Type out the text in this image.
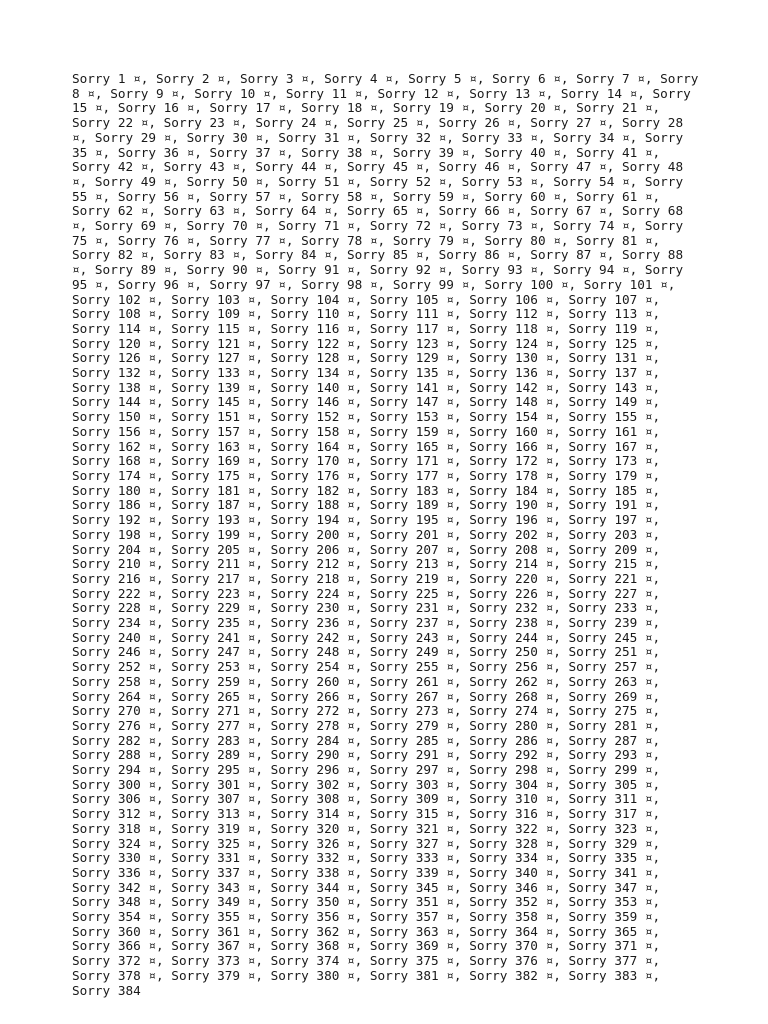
Sorry 1 ¤, Sorry 2 ¤, Sorry 3 ¤, Sorry 4 ¤, Sorry 5 ¤, Sorry 6 ¤, Sorry 7 ¤, Sorry 8 ¤, Sorry 9 ¤, Sorry 10 ¤, Sorry 11 ¤, Sorry 12 ¤, Sorry 13 ¤, Sorry 14 ¤, Sorry 15 ¤, Sorry 16 ¤, Sorry 17 ¤, Sorry 18 ¤, Sorry 19 ¤, Sorry 20 ¤, Sorry 21 ¤, Sorry 22 ¤, Sorry 23 ¤, Sorry 24 ¤, Sorry 25 ¤, Sorry 26 ¤, Sorry 27 ¤, Sorry 28 ¤, Sorry 29 ¤, Sorry 30 ¤, Sorry 31 ¤, Sorry 32 ¤, Sorry 33 ¤, Sorry 34 ¤, Sorry 35 ¤, Sorry 36 ¤, Sorry 37 ¤, Sorry 38 ¤, Sorry 39 ¤, Sorry 40 ¤, Sorry 41 ¤, Sorry 42 ¤, Sorry 43 ¤, Sorry 44 ¤, Sorry 45 ¤, Sorry 46 ¤, Sorry 47 ¤, Sorry 48 ¤, Sorry 49 ¤, Sorry 50 ¤, Sorry 51 ¤, Sorry 52 ¤, Sorry 53 ¤, Sorry 54 ¤, Sorry 55 ¤, Sorry 56 ¤, Sorry 57 ¤, Sorry 58 ¤, Sorry 59 ¤, Sorry 60 ¤, Sorry 61 ¤, Sorry 62 ¤, Sorry 63 ¤, Sorry 64 ¤, Sorry 65 ¤, Sorry 66 ¤, Sorry 67 ¤, Sorry 68 ¤, Sorry 69 ¤, Sorry 70 ¤, Sorry 71 ¤, Sorry 72 ¤, Sorry 73 ¤, Sorry 74 ¤, Sorry 75 ¤, Sorry 76 ¤, Sorry 77 ¤, Sorry 78 ¤, Sorry 79 ¤, Sorry 80 ¤, Sorry 81 ¤, Sorry 82 ¤, Sorry 83 ¤, Sorry 84 ¤, Sorry 85 ¤, Sorry 86 ¤, Sorry 87 ¤, Sorry 88 ¤, Sorry 89 ¤, Sorry 90 ¤, Sorry 91 ¤, Sorry 92 ¤, Sorry 93 ¤, Sorry 94 ¤, Sorry 95 ¤, Sorry 96 ¤, Sorry 97 ¤, Sorry 98 ¤, Sorry 99 ¤, Sorry 100 ¤, Sorry 101 ¤, Sorry 102 ¤, Sorry 103 ¤, Sorry 104 ¤, Sorry 105 ¤, Sorry 106 ¤, Sorry 107 ¤, Sorry 108 ¤, Sorry 109 ¤, Sorry 110 ¤, Sorry 111 ¤, Sorry 112 ¤, Sorry 113 ¤, Sorry 114 ¤, Sorry 115 ¤, Sorry 116 ¤, Sorry 117 ¤, Sorry 118 ¤, Sorry 119 ¤, Sorry 120 ¤, Sorry 121 ¤, Sorry 122 ¤, Sorry 123 ¤, Sorry 124 ¤, Sorry 125 ¤, Sorry 126 ¤, Sorry 127 ¤, Sorry 128 ¤, Sorry 129 ¤, Sorry 130 ¤, Sorry 131 ¤, Sorry 132 ¤, Sorry 133 ¤, Sorry 134 ¤, Sorry 135 ¤, Sorry 136 ¤, Sorry 137 ¤, Sorry 138 ¤, Sorry 139 ¤, Sorry 140 ¤, Sorry 141 ¤, Sorry 142 ¤, Sorry 143 ¤, Sorry 144 ¤, Sorry 145 ¤, Sorry 146 ¤, Sorry 147 ¤, Sorry 148 ¤, Sorry 149 ¤, Sorry 150 ¤, Sorry 151 ¤, Sorry 152 ¤, Sorry 153 ¤, Sorry 154 ¤, Sorry 155 ¤, Sorry 156 ¤, Sorry 157 ¤, Sorry 158 ¤, Sorry 159 ¤, Sorry 160 ¤, Sorry 161 ¤, Sorry 162 ¤, Sorry 163 ¤, Sorry 164 ¤, Sorry 165 ¤, Sorry 166 ¤, Sorry 167 ¤, Sorry 168 ¤, Sorry 169 ¤, Sorry 170 ¤, Sorry 171 ¤, Sorry 172 ¤, Sorry 173 ¤, Sorry 174 ¤, Sorry 175 ¤, Sorry 176 ¤, Sorry 177 ¤, Sorry 178 ¤, Sorry 179 ¤, Sorry 180 ¤, Sorry 181 ¤, Sorry 182 ¤, Sorry 183 ¤, Sorry 184 ¤, Sorry 185 ¤, Sorry 186 ¤, Sorry 187 ¤, Sorry 188 ¤, Sorry 189 ¤, Sorry 190 ¤, Sorry 191 ¤, Sorry 192 ¤, Sorry 193 ¤, Sorry 194 ¤, Sorry 195 ¤, Sorry 196 ¤, Sorry 197 ¤, Sorry 198 ¤, Sorry 199 ¤, Sorry 200 ¤, Sorry 201 ¤, Sorry 202 ¤, Sorry 203 ¤, Sorry 204 ¤, Sorry 205 ¤, Sorry 206 ¤, Sorry 207 ¤, Sorry 208 ¤, Sorry 209 ¤, Sorry 210 ¤, Sorry 211 ¤, Sorry 212 ¤, Sorry 213 ¤, Sorry 214 ¤, Sorry 215 ¤, Sorry 216 ¤, Sorry 217 ¤, Sorry 218 ¤, Sorry 219 ¤, Sorry 220 ¤, Sorry 221 ¤, Sorry 222 ¤, Sorry 223 ¤, Sorry 224 ¤, Sorry 225 ¤, Sorry 226 ¤, Sorry 227 ¤, Sorry 228 ¤, Sorry 229 ¤, Sorry 230 ¤, Sorry 231 ¤, Sorry 232 ¤, Sorry 233 ¤, Sorry 234 ¤, Sorry 235 ¤, Sorry 236 ¤, Sorry 237 ¤, Sorry 238 ¤, Sorry 239 ¤, Sorry 240 ¤, Sorry 241 ¤, Sorry 242 ¤, Sorry 243 ¤, Sorry 244 ¤, Sorry 245 ¤, Sorry 246 ¤, Sorry 247 ¤, Sorry 248 ¤, Sorry 249 ¤, Sorry 250 ¤, Sorry 251 ¤, Sorry 252 ¤, Sorry 253 ¤, Sorry 254 ¤, Sorry 255 ¤, Sorry 256 ¤, Sorry 257 ¤, Sorry 258 ¤, Sorry 259 ¤, Sorry 260 ¤, Sorry 261 ¤, Sorry 262 ¤, Sorry 263 ¤, Sorry 264 ¤, Sorry 265 ¤, Sorry 266 ¤, Sorry 267 ¤, Sorry 268 ¤, Sorry 269 ¤, Sorry 270 ¤, Sorry 271 ¤, Sorry 272 ¤, Sorry 273 ¤, Sorry 274 ¤, Sorry 275 ¤, Sorry 276 ¤, Sorry 277 ¤, Sorry 278 ¤, Sorry 279 ¤, Sorry 280 ¤, Sorry 281 ¤, Sorry 282 ¤, Sorry 283 ¤, Sorry 284 ¤, Sorry 285 ¤, Sorry 286 ¤, Sorry 287 ¤, Sorry 288 ¤, Sorry 289 ¤, Sorry 290 ¤, Sorry 291 ¤, Sorry 292 ¤, Sorry 293 ¤, Sorry 294 ¤, Sorry 295 ¤, Sorry 296 ¤, Sorry 297 ¤, Sorry 298 ¤, Sorry 299 ¤, Sorry 300 ¤, Sorry 301 ¤, Sorry 302 ¤, Sorry 303 ¤, Sorry 304 ¤, Sorry 305 ¤, Sorry 306 ¤, Sorry 307 ¤, Sorry 308 ¤, Sorry 309 ¤, Sorry 310 ¤, Sorry 311 ¤, Sorry 312 ¤, Sorry 313 ¤, Sorry 314 ¤, Sorry 315 ¤, Sorry 316 ¤, Sorry 317 ¤, Sorry 318 ¤, Sorry 319 ¤, Sorry 320 ¤, Sorry 321 ¤, Sorry 322 ¤, Sorry 323 ¤, Sorry 324 ¤, Sorry 325 ¤, Sorry 326 ¤, Sorry 327 ¤, Sorry 328 ¤, Sorry 329 ¤, Sorry 330 ¤, Sorry 331 ¤, Sorry 332 ¤, Sorry 333 ¤, Sorry 334 ¤, Sorry 335 ¤, Sorry 336 ¤, Sorry 337 ¤, Sorry 338 ¤, Sorry 339 ¤, Sorry 340 ¤, Sorry 341 ¤, Sorry 342 ¤, Sorry 343 ¤, Sorry 344 ¤, Sorry 345 ¤, Sorry 346 ¤, Sorry 347 ¤, Sorry 348 ¤, Sorry 349 ¤, Sorry 350 ¤, Sorry 351 ¤, Sorry 352 ¤, Sorry 353 ¤, Sorry 354 ¤, Sorry 355 ¤, Sorry 356 ¤, Sorry 357 ¤, Sorry 358 ¤, Sorry 359 ¤, Sorry 360 ¤, Sorry 361 ¤, Sorry 362 ¤, Sorry 363 ¤, Sorry 364 ¤, Sorry 365 ¤, Sorry 366 ¤, Sorry 367 ¤, Sorry 368 ¤, Sorry 369 ¤, Sorry 370 ¤, Sorry 371 ¤, Sorry 372 ¤, Sorry 373 ¤, Sorry 374 ¤, Sorry 375 ¤, Sorry 376 ¤, Sorry 377 ¤, Sorry 378 ¤, Sorry 379 ¤, Sorry 380 ¤, Sorry 381 ¤, Sorry 382 ¤, Sorry 383 ¤, Sorry 384
